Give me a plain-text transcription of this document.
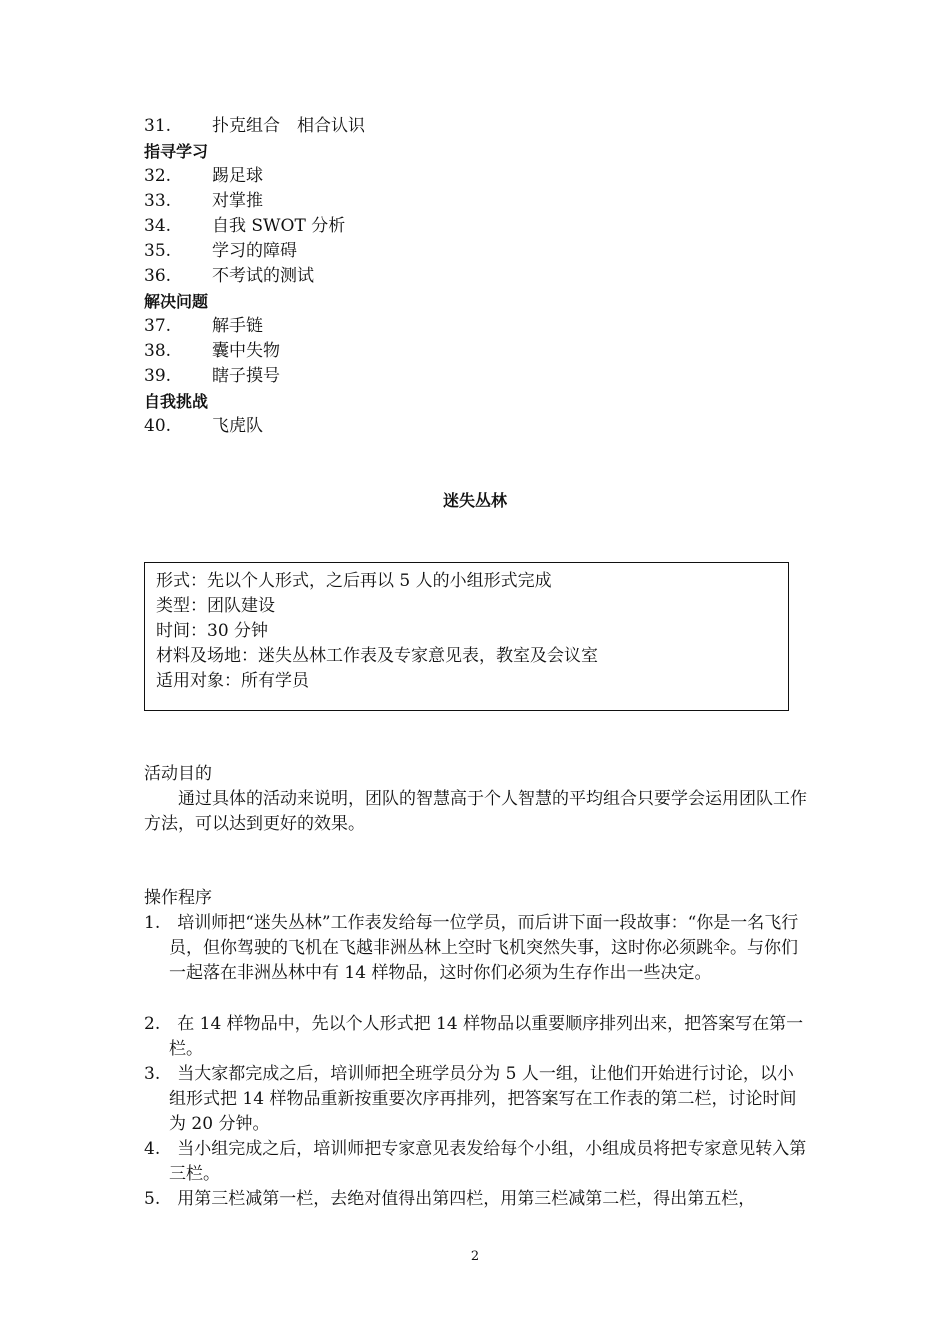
31. 扑克组合　相合认识
指寻学习
32. 踢足球
33. 对掌推
34. 自我 SWOT 分析
35. 学习的障碍
36. 不考试的测试
解决问题
37. 解手链
38. 囊中失物
39. 瞎子摸号
自我挑战
40. 飞虎队
迷失丛林
形式：先以个人形式，之后再以 5 人的小组形式完成
类型：团队建设
时间：30 分钟
材料及场地：迷失丛林工作表及专家意见表，教室及会议室
适用对象：所有学员
活动目的
通过具体的活动来说明，团队的智慧高于个人智慧的平均组合只要学会运用团队工作方法，可以达到更好的效果。
操作程序
1.　培训师把“迷失丛林”工作表发给每一位学员，而后讲下面一段故事：“你是一名飞行员，但你驾驶的飞机在飞越非洲丛林上空时飞机突然失事，这时你必须跳伞。与你们一起落在非洲丛林中有 14 样物品，这时你们必须为生存作出一些决定。
2.　在 14 样物品中，先以个人形式把 14 样物品以重要顺序排列出来，把答案写在第一栏。
3.　当大家都完成之后，培训师把全班学员分为 5 人一组，让他们开始进行讨论，以小组形式把 14 样物品重新按重要次序再排列，把答案写在工作表的第二栏，讨论时间为 20 分钟。
4.　当小组完成之后，培训师把专家意见表发给每个小组，小组成员将把专家意见转入第三栏。
5.　用第三栏减第一栏，去绝对值得出第四栏，用第三栏减第二栏，得出第五栏，
2
